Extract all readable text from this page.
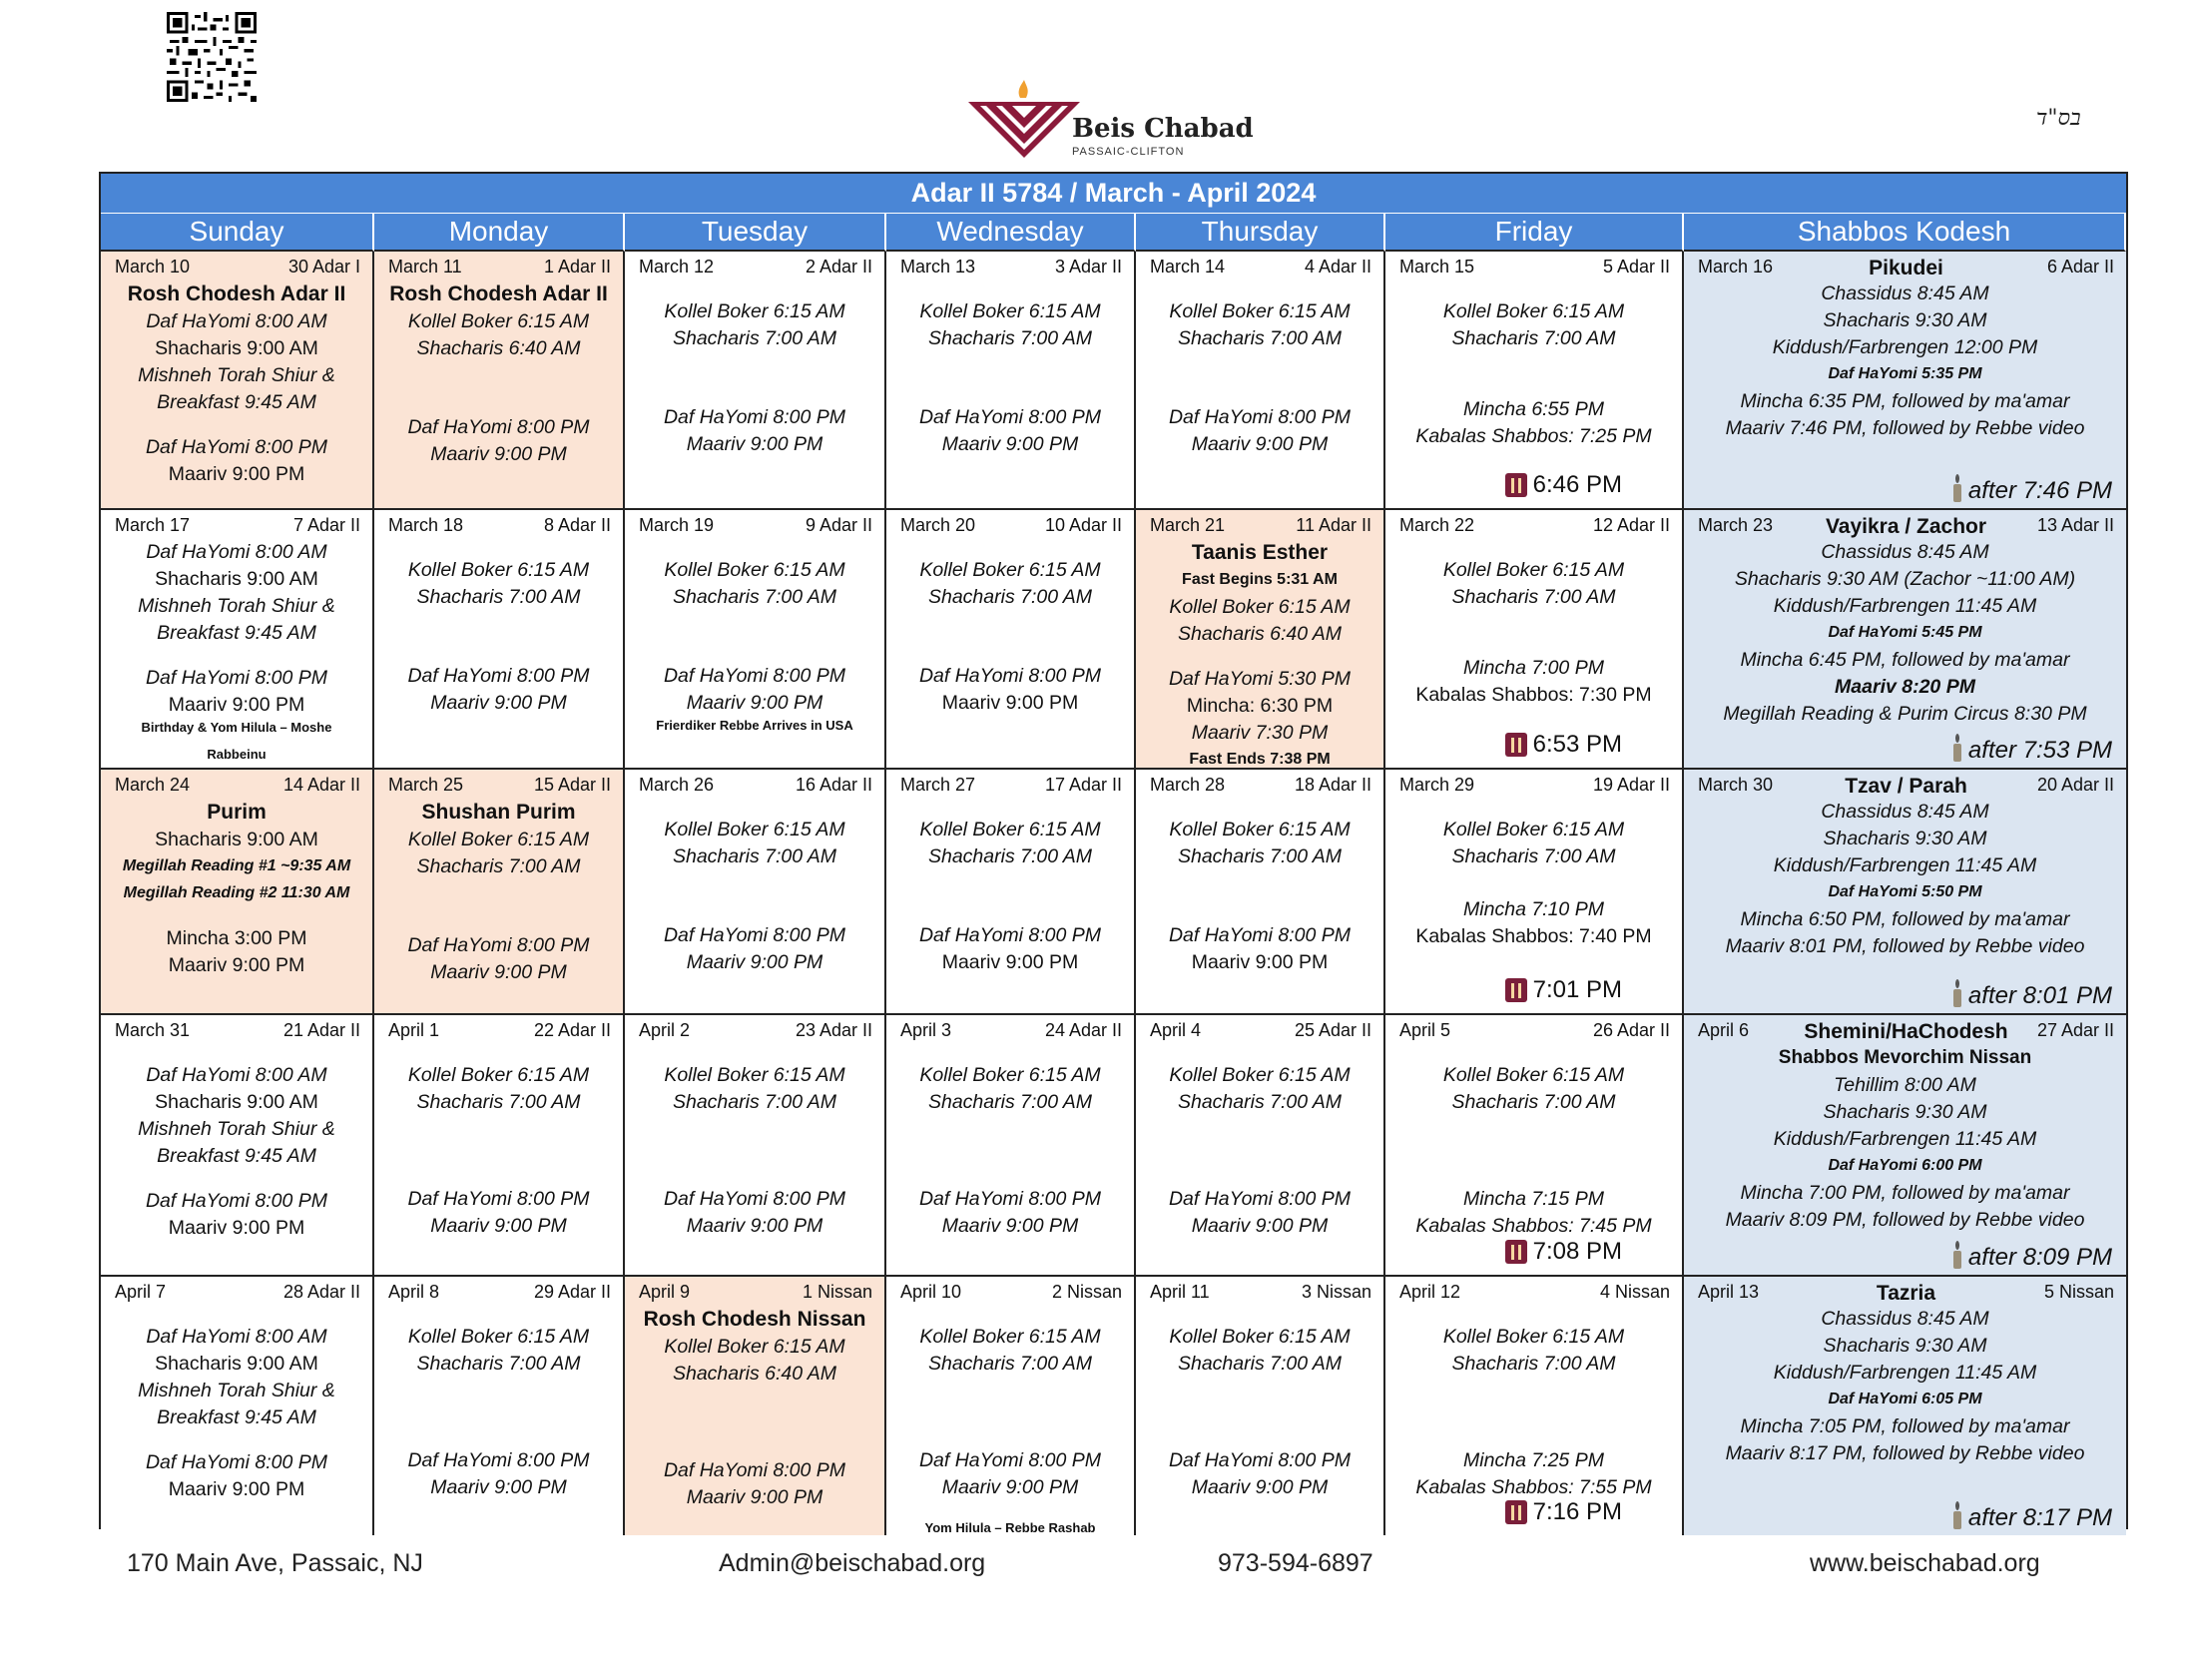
Beis Chabad
PASSAIC-CLIFTON
בס"ד
Adar II 5784 / March - April 2024
Sunday	Monday	Tuesday	Wednesday	Thursday	Friday	Shabbos Kodesh
March 10	30 Adar I
Rosh Chodesh Adar II
Daf HaYomi 8:00 AM
Shacharis 9:00 AM
Mishneh Torah Shiur &
Breakfast 9:45 AM
Daf HaYomi 8:00 PM
Maariv 9:00 PM
March 11	1 Adar II
Rosh Chodesh Adar II
Kollel Boker 6:15 AM
Shacharis 6:40 AM
Daf HaYomi 8:00 PM
Maariv 9:00 PM
March 12	2 Adar II
Kollel Boker 6:15 AM
Shacharis 7:00 AM
Daf HaYomi 8:00 PM
Maariv 9:00 PM
March 13	3 Adar II
Kollel Boker 6:15 AM
Shacharis 7:00 AM
Daf HaYomi 8:00 PM
Maariv 9:00 PM
March 14	4 Adar II
Kollel Boker 6:15 AM
Shacharis 7:00 AM
Daf HaYomi 8:00 PM
Maariv 9:00 PM
March 15	5 Adar II
Kollel Boker 6:15 AM
Shacharis 7:00 AM
Mincha 6:55 PM
Kabalas Shabbos: 7:25 PM
6:46 PM
March 16	Pikudei	6 Adar II
Chassidus 8:45 AM
Shacharis 9:30 AM
Kiddush/Farbrengen 12:00 PM
Daf HaYomi 5:35 PM
Mincha 6:35 PM, followed by ma'amar
Maariv 7:46 PM, followed by Rebbe video
after 7:46 PM
March 17	7 Adar II
Daf HaYomi 8:00 AM
Shacharis 9:00 AM
Mishneh Torah Shiur &
Breakfast 9:45 AM
Daf HaYomi 8:00 PM
Maariv 9:00 PM
Birthday & Yom Hilula – Moshe
Rabbeinu
March 18	8 Adar II
Kollel Boker 6:15 AM
Shacharis 7:00 AM
Daf HaYomi 8:00 PM
Maariv 9:00 PM
March 19	9 Adar II
Kollel Boker 6:15 AM
Shacharis 7:00 AM
Daf HaYomi 8:00 PM
Maariv 9:00 PM
Frierdiker Rebbe Arrives in USA
March 20	10 Adar II
Kollel Boker 6:15 AM
Shacharis 7:00 AM
Daf HaYomi 8:00 PM
Maariv 9:00 PM
March 21	11 Adar II
Taanis Esther
Fast Begins 5:31 AM
Kollel Boker 6:15 AM
Shacharis 6:40 AM
Daf HaYomi 5:30 PM
Mincha: 6:30 PM
Maariv 7:30 PM
Fast Ends 7:38 PM
March 22	12 Adar II
Kollel Boker 6:15 AM
Shacharis 7:00 AM
Mincha 7:00 PM
Kabalas Shabbos: 7:30 PM
6:53 PM
March 23	Vayikra / Zachor	13 Adar II
Chassidus 8:45 AM
Shacharis 9:30 AM (Zachor ~11:00 AM)
Kiddush/Farbrengen 11:45 AM
Daf HaYomi 5:45 PM
Mincha 6:45 PM, followed by ma'amar
Maariv 8:20 PM
Megillah Reading & Purim Circus 8:30 PM
after 7:53 PM
March 24	14 Adar II
Purim
Shacharis 9:00 AM
Megillah Reading #1 ~9:35 AM
Megillah Reading #2 11:30 AM
Mincha 3:00 PM
Maariv 9:00 PM
March 25	15 Adar II
Shushan Purim
Kollel Boker 6:15 AM
Shacharis 7:00 AM
Daf HaYomi 8:00 PM
Maariv 9:00 PM
March 26	16 Adar II
Kollel Boker 6:15 AM
Shacharis 7:00 AM
Daf HaYomi 8:00 PM
Maariv 9:00 PM
March 27	17 Adar II
Kollel Boker 6:15 AM
Shacharis 7:00 AM
Daf HaYomi 8:00 PM
Maariv 9:00 PM
March 28	18 Adar II
Kollel Boker 6:15 AM
Shacharis 7:00 AM
Daf HaYomi 8:00 PM
Maariv 9:00 PM
March 29	19 Adar II
Kollel Boker 6:15 AM
Shacharis 7:00 AM
Mincha 7:10 PM
Kabalas Shabbos: 7:40 PM
7:01 PM
March 30	Tzav / Parah	20 Adar II
Chassidus 8:45 AM
Shacharis 9:30 AM
Kiddush/Farbrengen 11:45 AM
Daf HaYomi 5:50 PM
Mincha 6:50 PM, followed by ma'amar
Maariv 8:01 PM, followed by Rebbe video
after 8:01 PM
March 31	21 Adar II
Daf HaYomi 8:00 AM
Shacharis 9:00 AM
Mishneh Torah Shiur &
Breakfast 9:45 AM
Daf HaYomi 8:00 PM
Maariv 9:00 PM
April 1	22 Adar II
Kollel Boker 6:15 AM
Shacharis 7:00 AM
Daf HaYomi 8:00 PM
Maariv 9:00 PM
April 2	23 Adar II
Kollel Boker 6:15 AM
Shacharis 7:00 AM
Daf HaYomi 8:00 PM
Maariv 9:00 PM
April 3	24 Adar II
Kollel Boker 6:15 AM
Shacharis 7:00 AM
Daf HaYomi 8:00 PM
Maariv 9:00 PM
April 4	25 Adar II
Kollel Boker 6:15 AM
Shacharis 7:00 AM
Daf HaYomi 8:00 PM
Maariv 9:00 PM
April 5	26 Adar II
Kollel Boker 6:15 AM
Shacharis 7:00 AM
Mincha 7:15 PM
Kabalas Shabbos: 7:45 PM
7:08 PM
April 6	Shemini/HaChodesh	27 Adar II
Shabbos Mevorchim Nissan
Tehillim 8:00 AM
Shacharis 9:30 AM
Kiddush/Farbrengen 11:45 AM
Daf HaYomi 6:00 PM
Mincha 7:00 PM, followed by ma'amar
Maariv 8:09 PM, followed by Rebbe video
after 8:09 PM
April 7	28 Adar II
Daf HaYomi 8:00 AM
Shacharis 9:00 AM
Mishneh Torah Shiur &
Breakfast 9:45 AM
Daf HaYomi 8:00 PM
Maariv 9:00 PM
April 8	29 Adar II
Kollel Boker 6:15 AM
Shacharis 7:00 AM
Daf HaYomi 8:00 PM
Maariv 9:00 PM
April 9	1 Nissan
Rosh Chodesh Nissan
Kollel Boker 6:15 AM
Shacharis 6:40 AM
Daf HaYomi 8:00 PM
Maariv 9:00 PM
April 10	2 Nissan
Kollel Boker 6:15 AM
Shacharis 7:00 AM
Daf HaYomi 8:00 PM
Maariv 9:00 PM
Yom Hilula – Rebbe Rashab
April 11	3 Nissan
Kollel Boker 6:15 AM
Shacharis 7:00 AM
Daf HaYomi 8:00 PM
Maariv 9:00 PM
April 12	4 Nissan
Kollel Boker 6:15 AM
Shacharis 7:00 AM
Mincha 7:25 PM
Kabalas Shabbos: 7:55 PM
7:16 PM
April 13	Tazria	5 Nissan
Chassidus 8:45 AM
Shacharis 9:30 AM
Kiddush/Farbrengen 11:45 AM
Daf HaYomi 6:05 PM
Mincha 7:05 PM, followed by ma'amar
Maariv 8:17 PM, followed by Rebbe video
after 8:17 PM
170 Main Ave, Passaic, NJ	Admin@beischabad.org	973-594-6897	www.beischabad.org
